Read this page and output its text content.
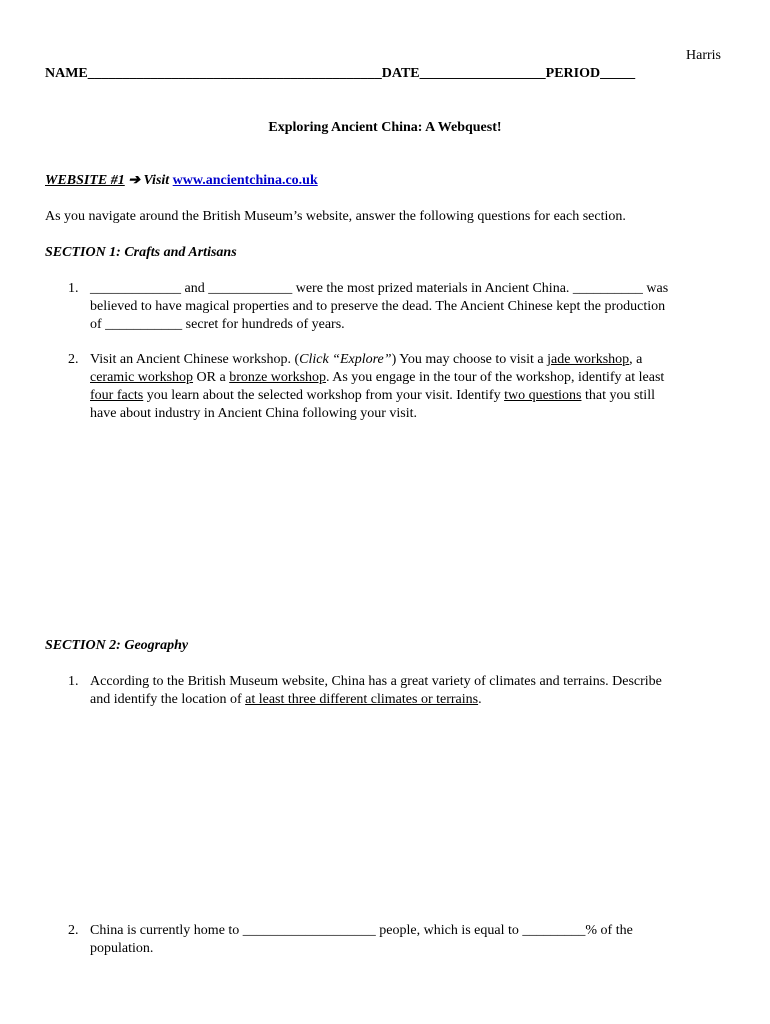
Harris
NAME__________________________________________DATE__________________PERIOD_____
Exploring Ancient China: A Webquest!
WEBSITE #1 ➔ Visit www.ancientchina.co.uk
As you navigate around the British Museum’s website, answer the following questions for each section.
SECTION 1: Crafts and Artisans
1. _____________ and ____________ were the most prized materials in Ancient China. __________ was
believed to have magical properties and to preserve the dead. The Ancient Chinese kept the production
of ___________ secret for hundreds of years.
2. Visit an Ancient Chinese workshop. (Click “Explore”) You may choose to visit a jade workshop, a
ceramic workshop OR a bronze workshop. As you engage in the tour of the workshop, identify at least
four facts you learn about the selected workshop from your visit. Identify two questions that you still
have about industry in Ancient China following your visit.
SECTION 2: Geography
1. According to the British Museum website, China has a great variety of climates and terrains. Describe
and identify the location of at least three different climates or terrains.
2. China is currently home to ___________________ people, which is equal to _________% of the
population.
